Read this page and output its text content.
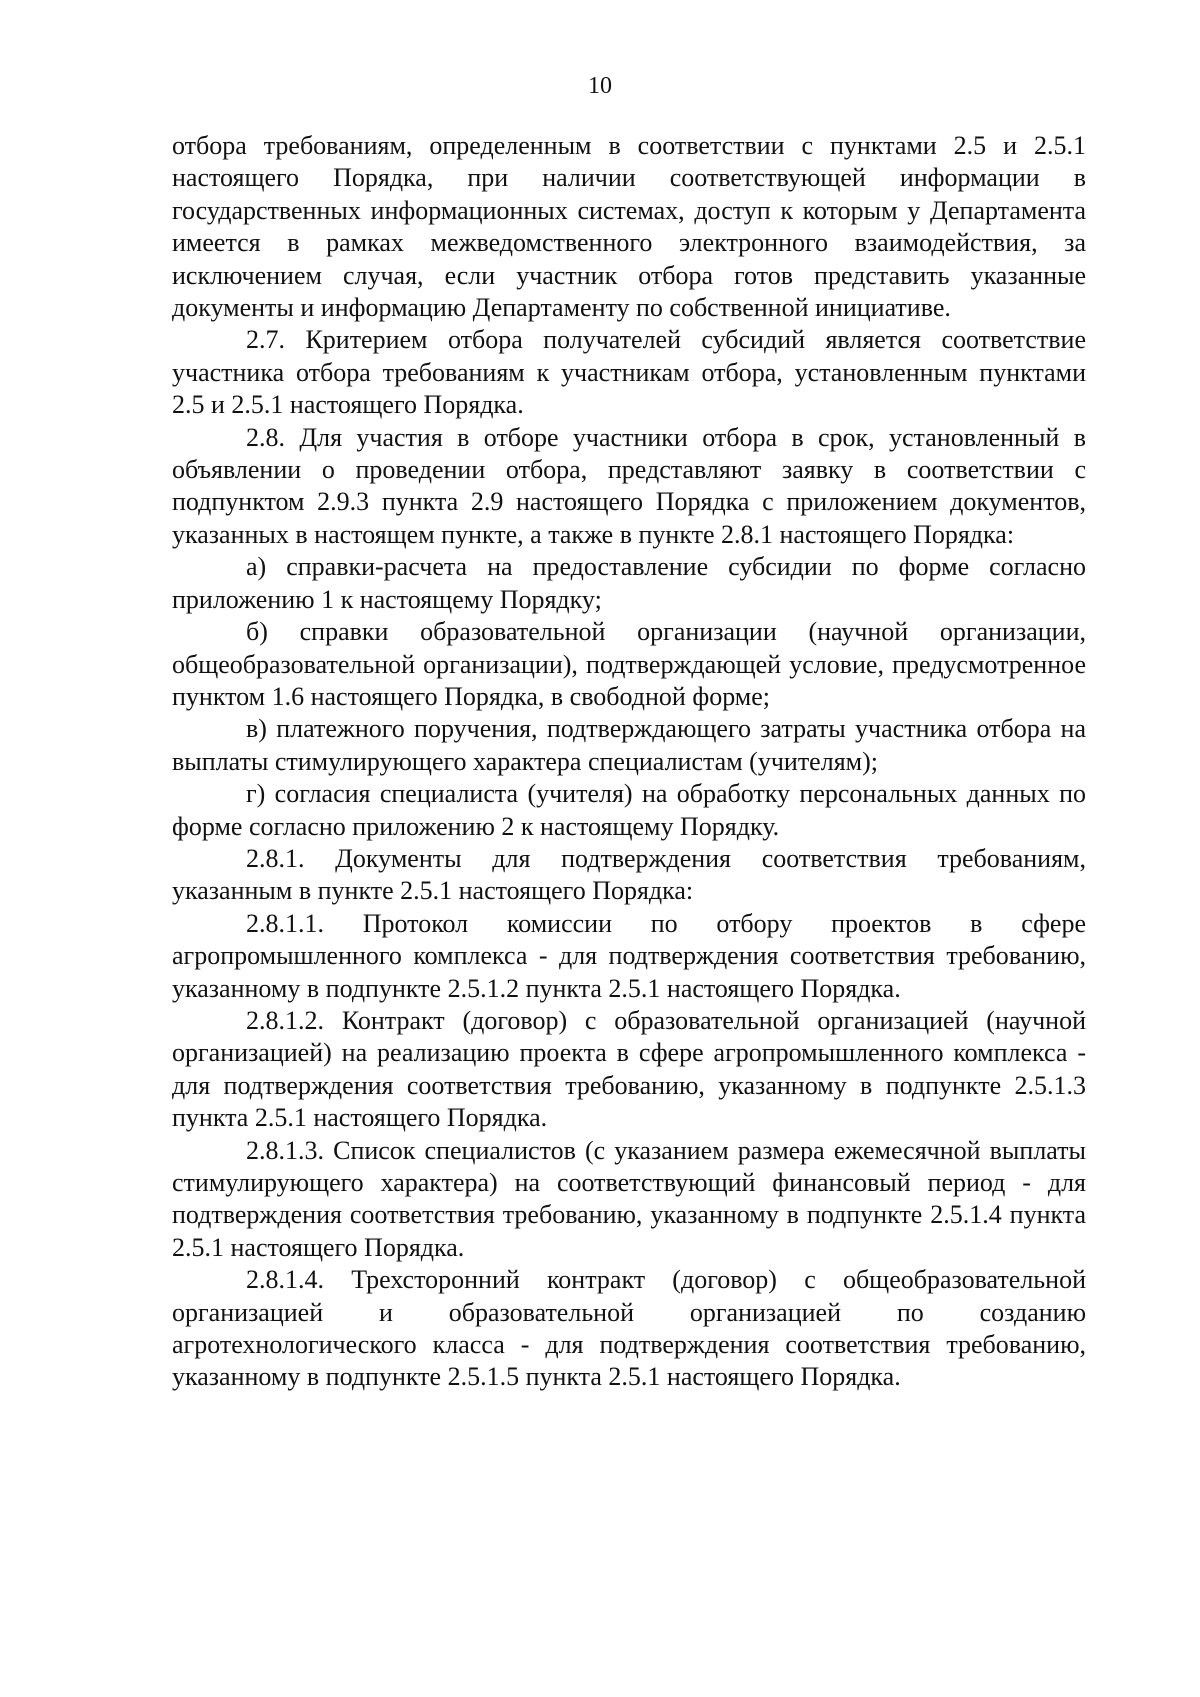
10

отбора требованиям, определенным в соответствии с пунктами 2.5 и 2.5.1 настоящего Порядка, при наличии соответствующей информации в государственных информационных системах, доступ к которым у Департамента имеется в рамках межведомственного электронного взаимодействия, за исключением случая, если участник отбора готов представить указанные документы и информацию Департаменту по собственной инициативе.

2.7. Критерием отбора получателей субсидий является соответствие участника отбора требованиям к участникам отбора, установленным пунктами 2.5 и 2.5.1 настоящего Порядка.

2.8. Для участия в отборе участники отбора в срок, установленный в объявлении о проведении отбора, представляют заявку в соответствии с подпунктом 2.9.3 пункта 2.9 настоящего Порядка с приложением документов, указанных в настоящем пункте, а также в пункте 2.8.1 настоящего Порядка:

а) справки-расчета на предоставление субсидии по форме согласно приложению 1 к настоящему Порядку;

б) справки образовательной организации (научной организации, общеобразовательной организации), подтверждающей условие, предусмотренное пунктом 1.6 настоящего Порядка, в свободной форме;

в) платежного поручения, подтверждающего затраты участника отбора на выплаты стимулирующего характера специалистам (учителям);

г) согласия специалиста (учителя) на обработку персональных данных по форме согласно приложению 2 к настоящему Порядку.

2.8.1. Документы для подтверждения соответствия требованиям, указанным в пункте 2.5.1 настоящего Порядка:

2.8.1.1. Протокол комиссии по отбору проектов в сфере агропромышленного комплекса - для подтверждения соответствия требованию, указанному в подпункте 2.5.1.2 пункта 2.5.1 настоящего Порядка.

2.8.1.2. Контракт (договор) с образовательной организацией (научной организацией) на реализацию проекта в сфере агропромышленного комплекса - для подтверждения соответствия требованию, указанному в подпункте 2.5.1.3 пункта 2.5.1 настоящего Порядка.

2.8.1.3. Список специалистов (с указанием размера ежемесячной выплаты стимулирующего характера) на соответствующий финансовый период - для подтверждения соответствия требованию, указанному в подпункте 2.5.1.4 пункта 2.5.1 настоящего Порядка.

2.8.1.4. Трехсторонний контракт (договор) с общеобразовательной организацией и образовательной организацией по созданию агротехнологического класса - для подтверждения соответствия требованию, указанному в подпункте 2.5.1.5 пункта 2.5.1 настоящего Порядка.
